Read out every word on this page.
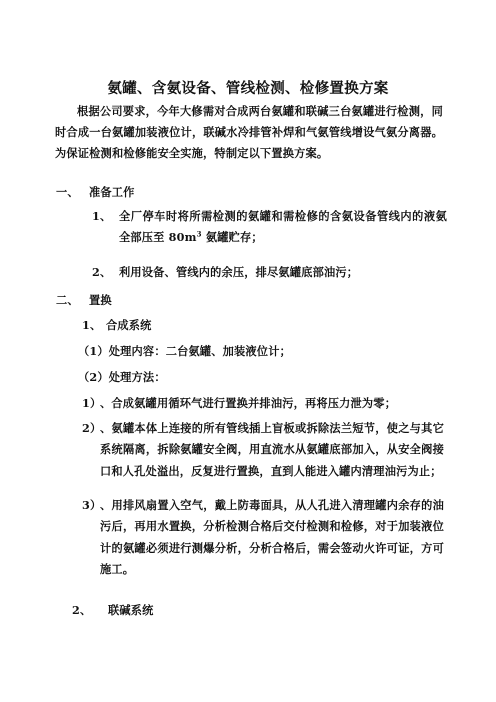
氨罐、含氨设备、管线检测、检修置换方案
根据公司要求，今年大修需对合成两台氨罐和联碱三台氨罐进行检测，同时合成一台氨罐加装液位计，联碱水冷排管补焊和气氨管线增设气氨分离器。为保证检测和检修能安全实施，特制定以下置换方案。
一、 准备工作
1、 全厂停车时将所需检测的氨罐和需检修的含氨设备管线内的液氨全部压至 $80m^3$ 氨罐贮存；
2、 利用设备、管线内的余压，排尽氨罐底部油污；
二、 置换
1、 合成系统
（1）处理内容：二台氨罐、加装液位计；
（2）处理方法：
1）、合成氨罐用循环气进行置换并排油污，再将压力泄为零；
2）
、氨罐本体上连接的所有管线插上盲板或拆除法兰短节，使之与其它系统隔离，拆除氨罐安全阀，用直流水从氨罐底部加入，从安全阀接口和人孔处溢出，反复进行置换，直到人能进入罐内清理油污为止；
3）
、用排风扇置入空气，戴上防毒面具，从人孔进入清理罐内余存的油污后，再用水置换，分析检测合格后交付检测和检修，对于加装液位计的氨罐必须进行测爆分析，分析合格后，需会签动火许可证，方可施工。
2、 联碱系统
